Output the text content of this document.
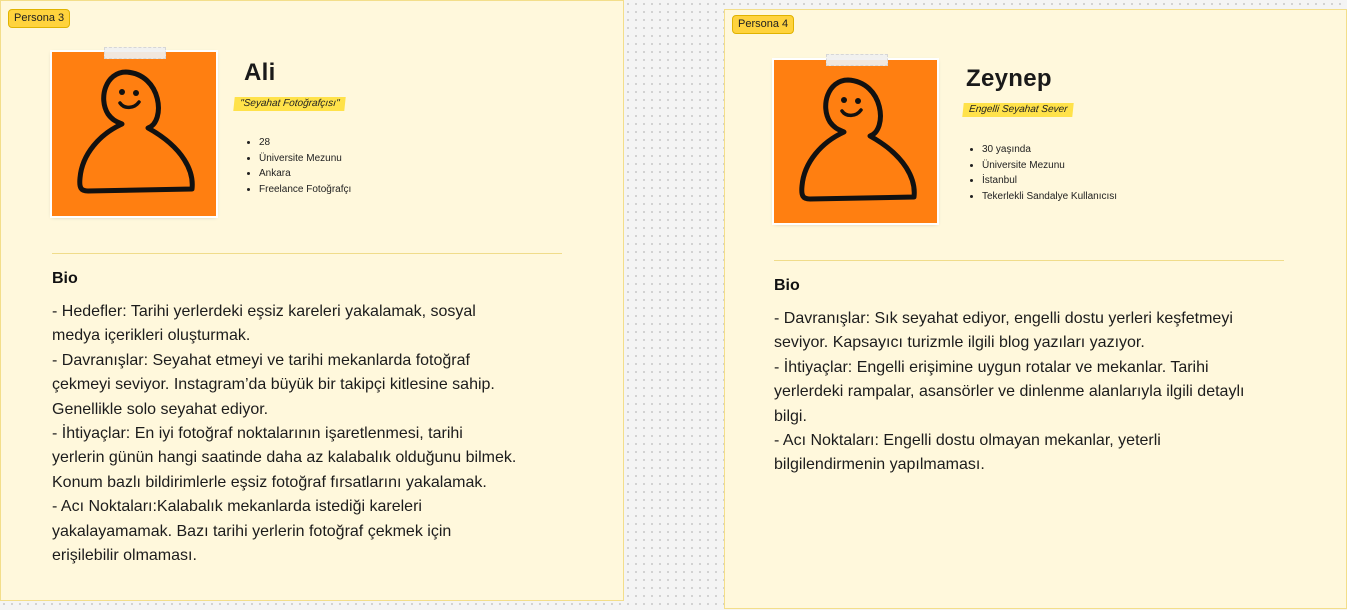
Persona 3
Ali
"Seyahat Fotoğrafçısı"
• 28
• Üniversite Mezunu
• Ankara
• Freelance Fotoğrafçı
Bio
- Hedefler: Tarihi yerlerdeki eşsiz kareleri yakalamak, sosyal
medya içerikleri oluşturmak.
- Davranışlar: Seyahat etmeyi ve tarihi mekanlarda fotoğraf
çekmeyi seviyor. Instagram’da büyük bir takipçi kitlesine sahip.
Genellikle solo seyahat ediyor.
- İhtiyaçlar: En iyi fotoğraf noktalarının işaretlenmesi, tarihi
yerlerin günün hangi saatinde daha az kalabalık olduğunu bilmek.
Konum bazlı bildirimlerle eşsiz fotoğraf fırsatlarını yakalamak.
- Acı Noktaları:Kalabalık mekanlarda istediği kareleri
yakalayamamak. Bazı tarihi yerlerin fotoğraf çekmek için
erişilebilir olmaması.
Persona 4
Zeynep
Engelli Seyahat Sever
• 30 yaşında
• Üniversite Mezunu
• İstanbul
• Tekerlekli Sandalye Kullanıcısı
Bio
- Davranışlar: Sık seyahat ediyor, engelli dostu yerleri keşfetmeyi
seviyor. Kapsayıcı turizmle ilgili blog yazıları yazıyor.
- İhtiyaçlar: Engelli erişimine uygun rotalar ve mekanlar. Tarihi
yerlerdeki rampalar, asansörler ve dinlenme alanlarıyla ilgili detaylı
bilgi.
- Acı Noktaları: Engelli dostu olmayan mekanlar, yeterli
bilgilendirmenin yapılmaması.
